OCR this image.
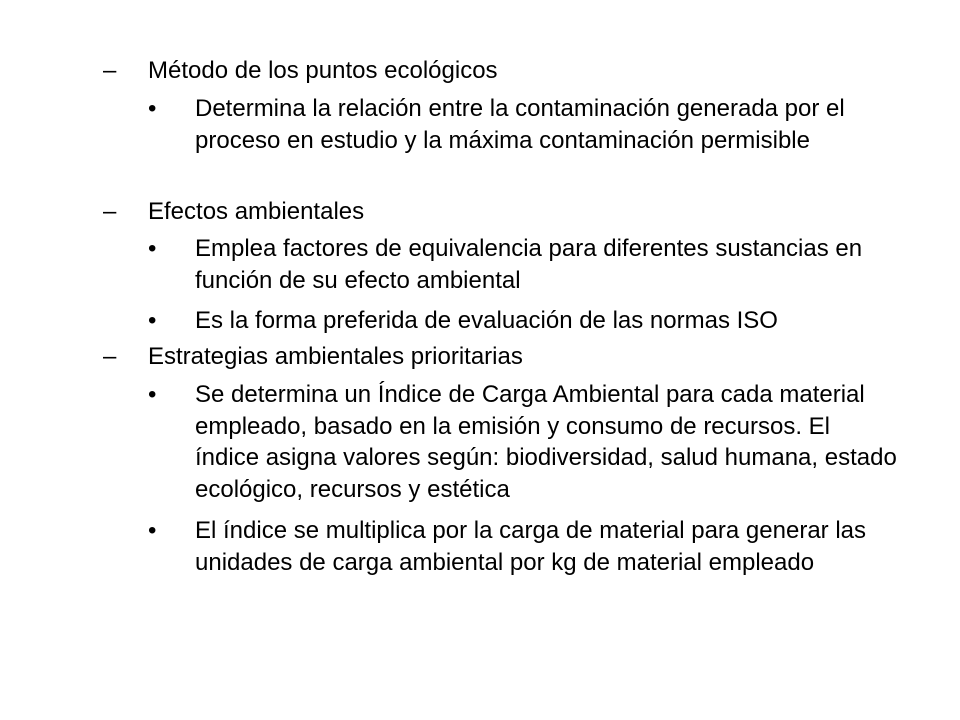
– Método de los puntos ecológicos
• Determina la relación entre la contaminación generada por el proceso en estudio y la máxima contaminación permisible
– Efectos ambientales
• Emplea factores de equivalencia para diferentes sustancias en función de su efecto ambiental
• Es la forma preferida de evaluación de las normas ISO
– Estrategias ambientales prioritarias
• Se determina un Índice de Carga Ambiental para cada material empleado, basado en la emisión y consumo de recursos. El índice asigna valores según: biodiversidad, salud humana, estado ecológico, recursos y estética
• El índice se multiplica por la carga de material para generar las unidades de carga ambiental por kg de material empleado
